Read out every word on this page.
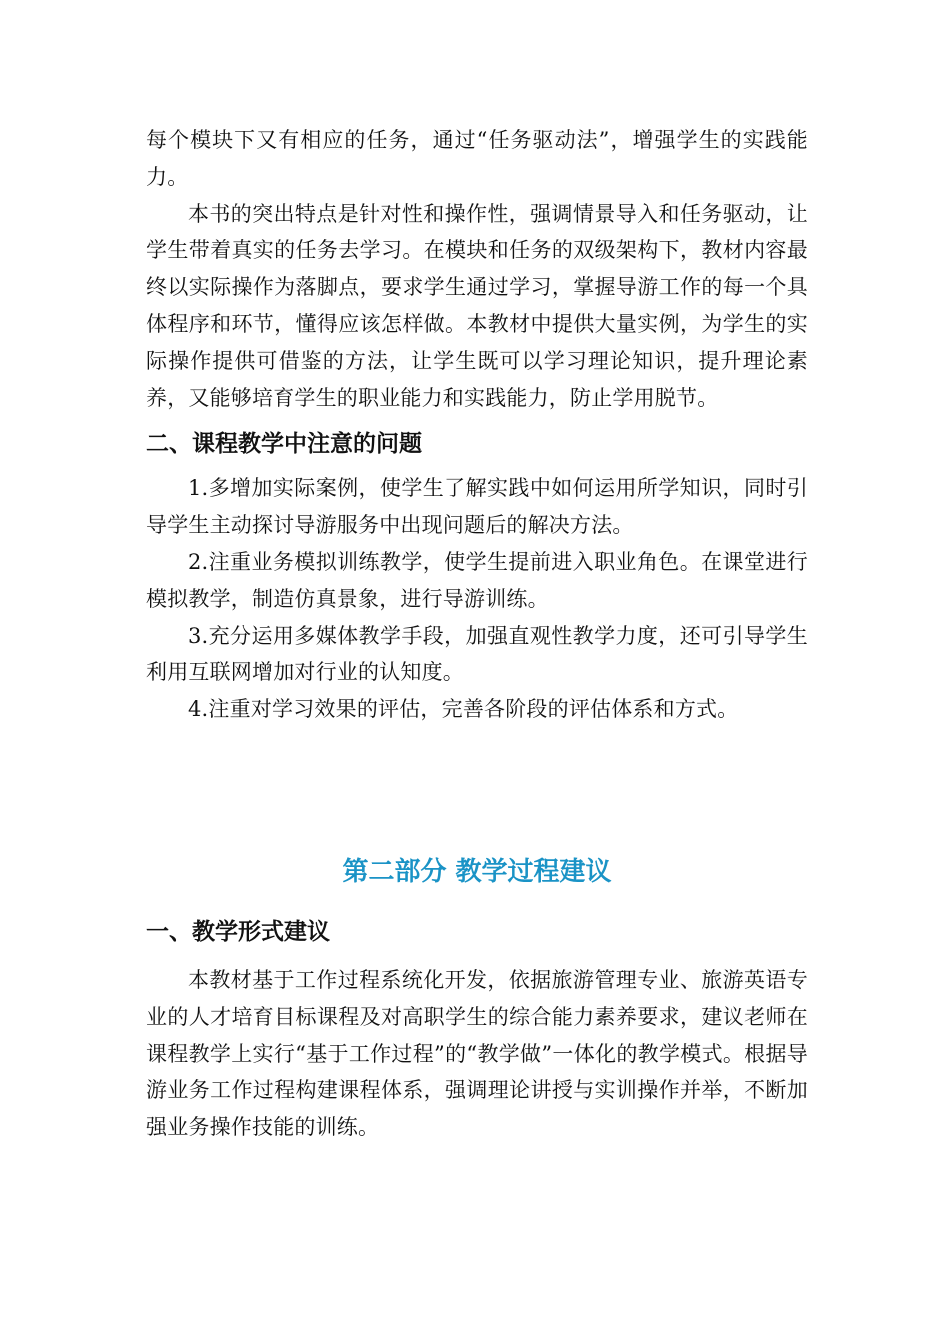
每个模块下又有相应的任务，通过“任务驱动法”，增强学生的实践能力。

本书的突出特点是针对性和操作性，强调情景导入和任务驱动，让学生带着真实的任务去学习。在模块和任务的双级架构下，教材内容最终以实际操作为落脚点，要求学生通过学习，掌握导游工作的每一个具体程序和环节，懂得应该怎样做。本教材中提供大量实例，为学生的实际操作提供可借鉴的方法，让学生既可以学习理论知识，提升理论素养，又能够培育学生的职业能力和实践能力，防止学用脱节。

二、课程教学中注意的问题

1.多增加实际案例，使学生了解实践中如何运用所学知识，同时引导学生主动探讨导游服务中出现问题后的解决方法。

2.注重业务模拟训练教学，使学生提前进入职业角色。在课堂进行模拟教学，制造仿真景象，进行导游训练。

3.充分运用多媒体教学手段，加强直观性教学力度，还可引导学生利用互联网增加对行业的认知度。

4.注重对学习效果的评估，完善各阶段的评估体系和方式。

第二部分 教学过程建议
一、教学形式建议

本教材基于工作过程系统化开发，依据旅游管理专业、旅游英语专业的人才培育目标课程及对高职学生的综合能力素养要求，建议老师在课程教学上实行“基于工作过程”的“教学做”一体化的教学模式。根据导游业务工作过程构建课程体系，强调理论讲授与实训操作并举，不断加强业务操作技能的训练。
